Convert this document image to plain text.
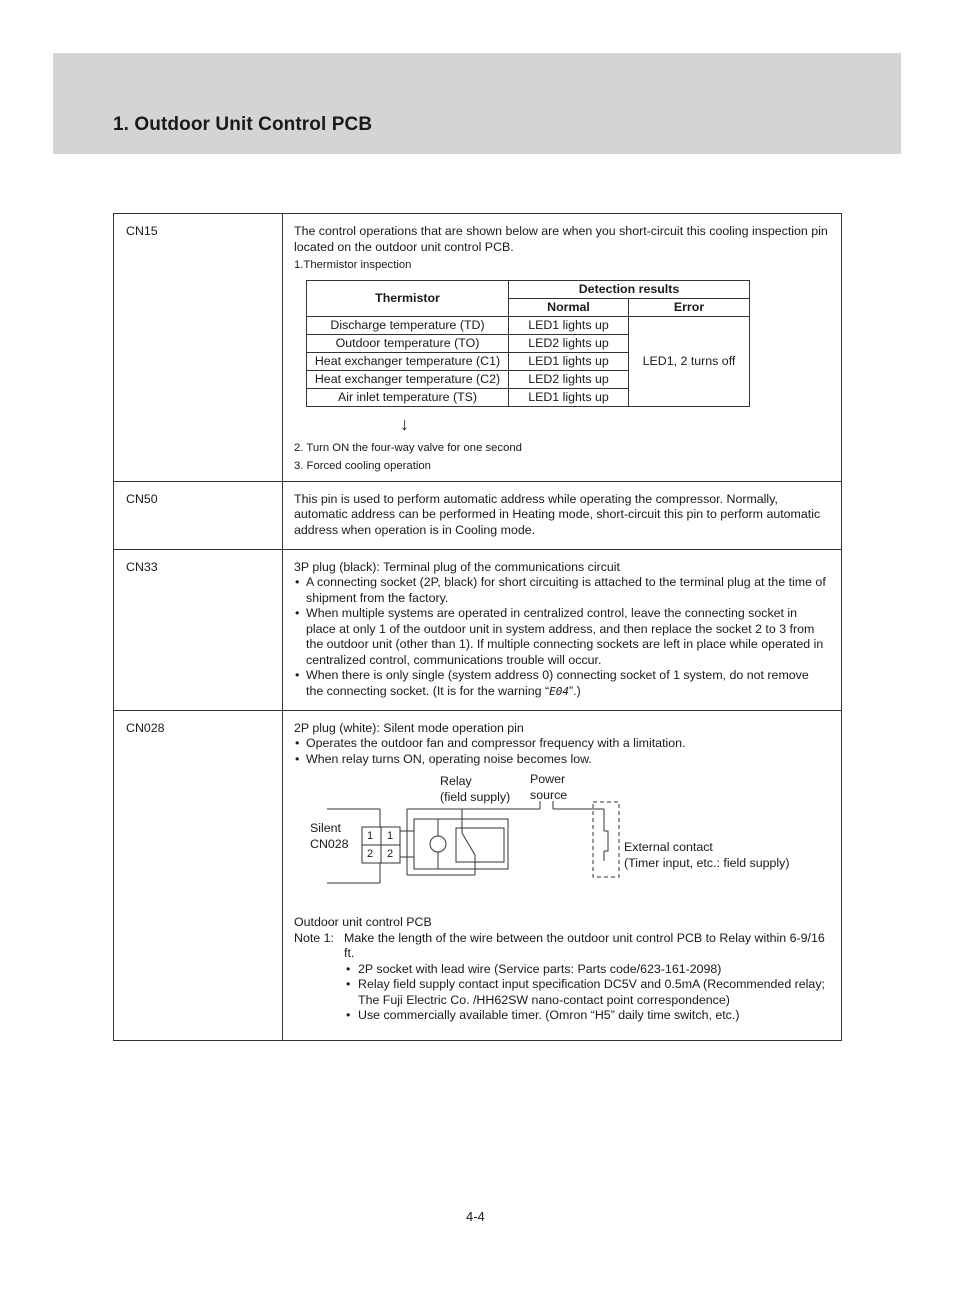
1. Outdoor Unit Control PCB
CN15	The control operations that are shown below are when you short-circuit this cooling inspection pin located on the outdoor unit control PCB.
1.Thermistor inspection
Thermistor	Detection results
Normal	Error
Discharge temperature (TD)	LED1 lights up	LED1, 2 turns off
Outdoor temperature (TO)	LED2 lights up
Heat exchanger temperature (C1)	LED1 lights up
Heat exchanger temperature (C2)	LED2 lights up
Air inlet temperature (TS)	LED1 lights up
↓
2. Turn ON the four-way valve for one second
3. Forced cooling operation

CN50	This pin is used to perform automatic address while operating the compressor. Normally, automatic address can be performed in Heating mode, short-circuit this pin to perform automatic address when operation is in Cooling mode.

CN33	3P plug (black): Terminal plug of the communications circuit
• A connecting socket (2P, black) for short circuiting is attached to the terminal plug at the time of shipment from the factory.
• When multiple systems are operated in centralized control, leave the connecting socket in place at only 1 of the outdoor unit in system address, and then replace the socket 2 to 3 from the outdoor unit (other than 1). If multiple connecting sockets are left in place while operated in centralized control, communications trouble will occur.
• When there is only single (system address 0) connecting socket of 1 system, do not remove the connecting socket. (It is for the warning “E04”.)

CN028	2P plug (white): Silent mode operation pin
• Operates the outdoor fan and compressor frequency with a limitation.
• When relay turns ON, operating noise becomes low.
Relay
(field supply)
Power
source
Silent
CN028
1 1
2 2	External contact
(Timer input, etc.: field supply)
Outdoor unit control PCB
Note 1: Make the length of the wire between the outdoor unit control PCB to Relay within 6-9/16 ft.
• 2P socket with lead wire (Service parts: Parts code/623-161-2098)
• Relay field supply contact input specification DC5V and 0.5mA (Recommended relay; The Fuji Electric Co. /HH62SW nano-contact point correspondence)
• Use commercially available timer. (Omron “H5” daily time switch, etc.)
4-4
